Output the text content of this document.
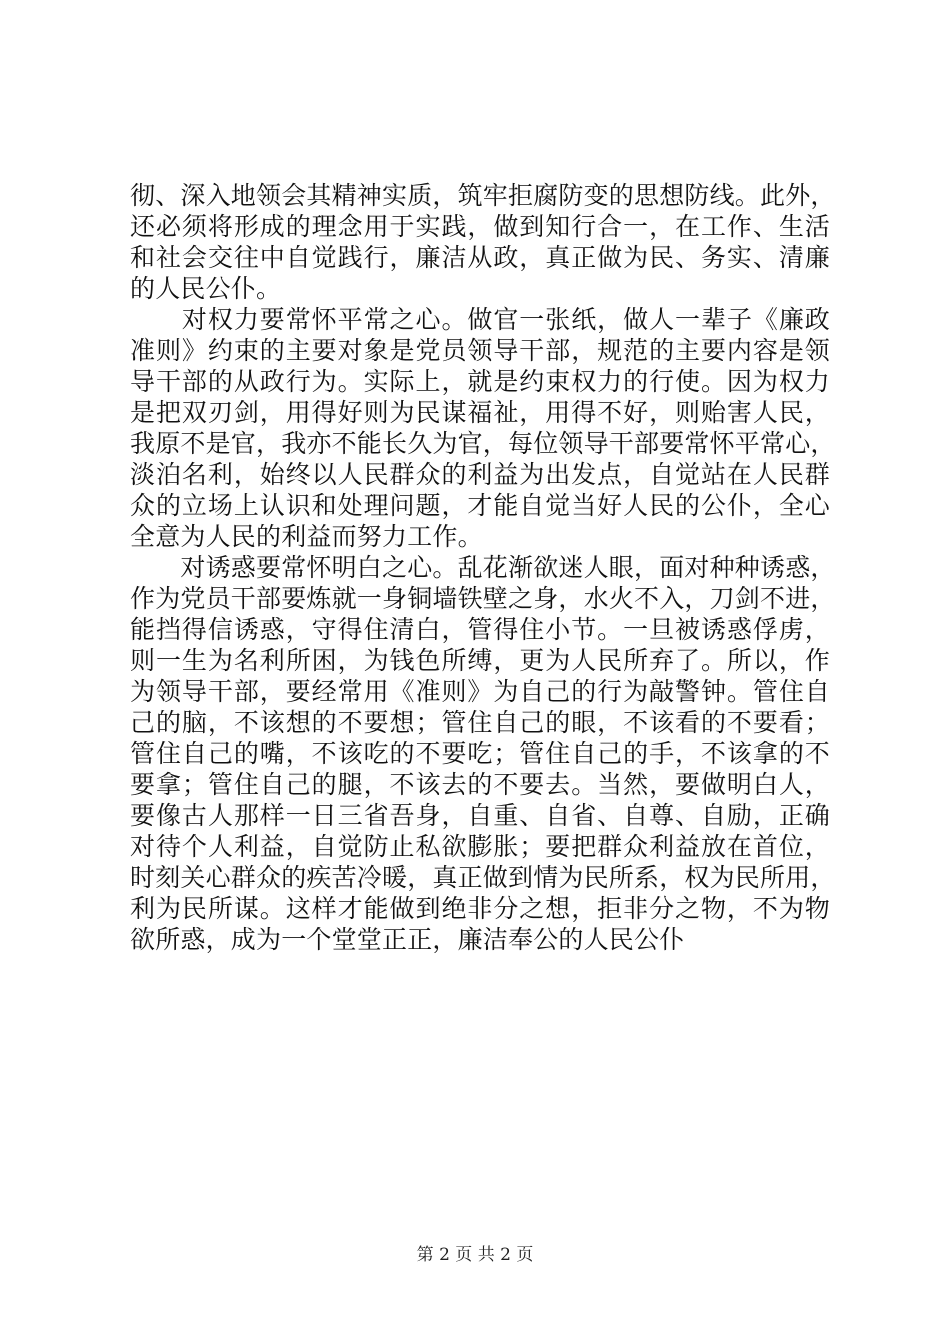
彻、深入地领会其精神实质，筑牢拒腐防变的思想防线。此外，
还必须将形成的理念用于实践，做到知行合一，在工作、生活
和社会交往中自觉践行，廉洁从政，真正做为民、务实、清廉
的人民公仆。
　　对权力要常怀平常之心。做官一张纸，做人一辈子《廉政
准则》约束的主要对象是党员领导干部，规范的主要内容是领
导干部的从政行为。实际上，就是约束权力的行使。因为权力
是把双刃剑，用得好则为民谋福祉，用得不好，则贻害人民，
我原不是官，我亦不能长久为官，每位领导干部要常怀平常心，
淡泊名利，始终以人民群众的利益为出发点，自觉站在人民群
众的立场上认识和处理问题，才能自觉当好人民的公仆，全心
全意为人民的利益而努力工作。
　　对诱惑要常怀明白之心。乱花渐欲迷人眼，面对种种诱惑，
作为党员干部要炼就一身铜墙铁壁之身，水火不入，刀剑不进，
能挡得信诱惑，守得住清白，管得住小节。一旦被诱惑俘虏，
则一生为名利所困，为钱色所缚，更为人民所弃了。所以，作
为领导干部，要经常用《准则》为自己的行为敲警钟。管住自
己的脑，不该想的不要想；管住自己的眼，不该看的不要看；
管住自己的嘴，不该吃的不要吃；管住自己的手，不该拿的不
要拿；管住自己的腿，不该去的不要去。当然，要做明白人，
要像古人那样一日三省吾身，自重、自省、自尊、自励，正确
对待个人利益，自觉防止私欲膨胀；要把群众利益放在首位，
时刻关心群众的疾苦冷暖，真正做到情为民所系，权为民所用，
利为民所谋。这样才能做到绝非分之想，拒非分之物，不为物
欲所惑，成为一个堂堂正正，廉洁奉公的人民公仆
第 2 页 共 2 页
